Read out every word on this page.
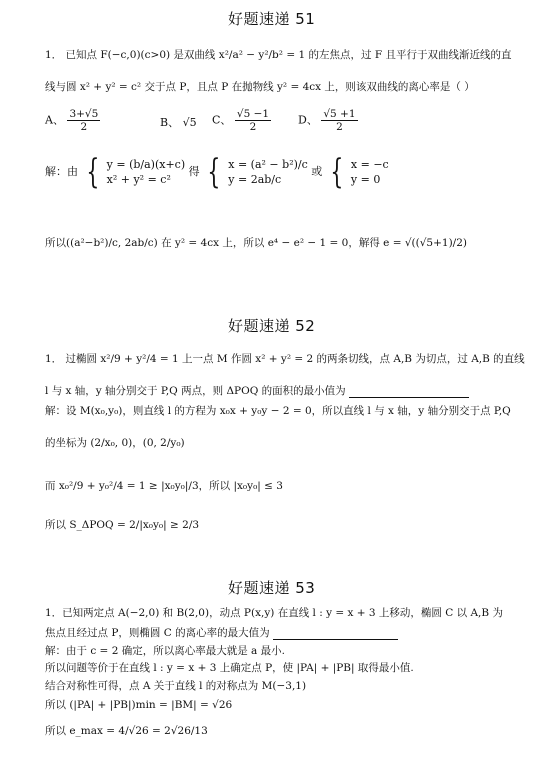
好题速递 51
1． 已知点 F(−c,0)(c>0) 是双曲线 x²/a² − y²/b² = 1 的左焦点，过 F 且平行于双曲线渐近线的直
线与圆 x² + y² = c² 交于点 P，且点 P 在抛物线 y² = 4cx 上，则该双曲线的离心率是（ ）
A、 $\frac{3+√5}{2}$	B、 √5 C、 $\frac{√5 -1}{2}$ D、 $\frac{√5 +1}{2}$
解：由 { y = (b/a)(x+c)
x² + y² = c²
得 { x = (a² − b²)/c
y = 2ab/c
或 { x = −c
y = 0
所以((a²−b²)/c, 2ab/c) 在 y² = 4cx 上，所以 e⁴ − e² − 1 = 0，解得 e = √((√5+1)/2)
好题速递 52
1． 过椭圆 x²/9 + y²/4 = 1 上一点 M 作圆 x² + y² = 2 的两条切线，点 A,B 为切点，过 A,B 的直线
l 与 x 轴，y 轴分别交于 P,Q 两点，则 ΔPOQ 的面积的最小值为
解：设 M(x₀,y₀)，则直线 l 的方程为 x₀x + y₀y − 2 = 0，所以直线 l 与 x 轴，y 轴分别交于点 P,Q
的坐标为 (2/x₀, 0)，(0, 2/y₀)
而 x₀²/9 + y₀²/4 = 1 ≥ |x₀y₀|/3，所以 |x₀y₀| ≤ 3
所以 S_ΔPOQ = 2/|x₀y₀| ≥ 2/3
好题速递 53
1．已知两定点 A(−2,0) 和 B(2,0)，动点 P(x,y) 在直线 l : y = x + 3 上移动，椭圆 C 以 A,B 为
焦点且经过点 P，则椭圆 C 的离心率的最大值为
解：由于 c = 2 确定，所以离心率最大就是 a 最小.
所以问题等价于在直线 l : y = x + 3 上确定点 P，使 |PA| + |PB| 取得最小值.
结合对称性可得，点 A 关于直线 l 的对称点为 M(−3,1)
所以 (|PA| + |PB|)min = |BM| = √26
所以 e_max = 4/√26 = 2√26/13
